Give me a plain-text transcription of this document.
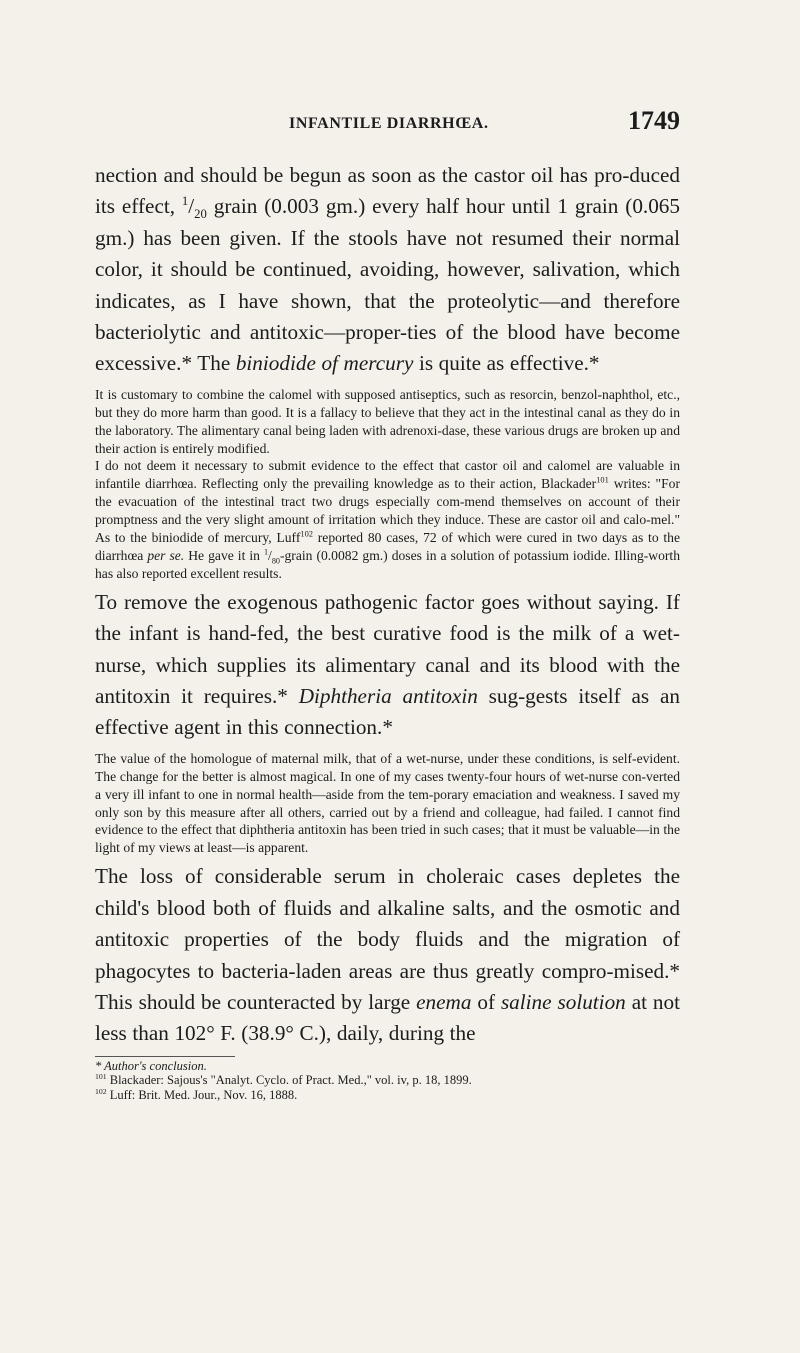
INFANTILE DIARRHŒA.	1749

nection and should be begun as soon as the castor oil has pro-duced its effect, $^1/_{20}$ grain (0.003 gm.) every half hour until 1 grain (0.065 gm.) has been given. If the stools have not resumed their normal color, it should be continued, avoiding, however, salivation, which indicates, as I have shown, that the proteolytic—and therefore bacteriolytic and antitoxic—proper-ties of the blood have become excessive.* The biniodide of mercury is quite as effective.*

It is customary to combine the calomel with supposed antiseptics, such as resorcin, benzol-naphthol, etc., but they do more harm than good. It is a fallacy to believe that they act in the intestinal canal as they do in the laboratory. The alimentary canal being laden with adrenoxi-dase, these various drugs are broken up and their action is entirely modified.

I do not deem it necessary to submit evidence to the effect that castor oil and calomel are valuable in infantile diarrhœa. Reflecting only the prevailing knowledge as to their action, Blackader$^{101}$ writes: "For the evacuation of the intestinal tract two drugs especially com-mend themselves on account of their promptness and the very slight amount of irritation which they induce. These are castor oil and calo-mel." As to the biniodide of mercury, Luff$^{102}$ reported 80 cases, 72 of which were cured in two days as to the diarrhœa per se. He gave it in $^1/_{80}$-grain (0.0082 gm.) doses in a solution of potassium iodide. Illing-worth has also reported excellent results.

To remove the exogenous pathogenic factor goes without saying. If the infant is hand-fed, the best curative food is the milk of a wet-nurse, which supplies its alimentary canal and its blood with the antitoxin it requires.* Diphtheria antitoxin sug-gests itself as an effective agent in this connection.*

The value of the homologue of maternal milk, that of a wet-nurse, under these conditions, is self-evident. The change for the better is almost magical. In one of my cases twenty-four hours of wet-nurse con-verted a very ill infant to one in normal health—aside from the tem-porary emaciation and weakness. I saved my only son by this measure after all others, carried out by a friend and colleague, had failed. I cannot find evidence to the effect that diphtheria antitoxin has been tried in such cases; that it must be valuable—in the light of my views at least—is apparent.

The loss of considerable serum in choleraic cases depletes the child's blood both of fluids and alkaline salts, and the osmotic and antitoxic properties of the body fluids and the migration of phagocytes to bacteria-laden areas are thus greatly compro-mised.* This should be counteracted by large enema of saline solution at not less than 102° F. (38.9° C.), daily, during the

* Author's conclusion.

$^{101}$ Blackader: Sajous's "Analyt. Cyclo. of Pract. Med.," vol. iv, p. 18, 1899.

$^{102}$ Luff: Brit. Med. Jour., Nov. 16, 1888.
